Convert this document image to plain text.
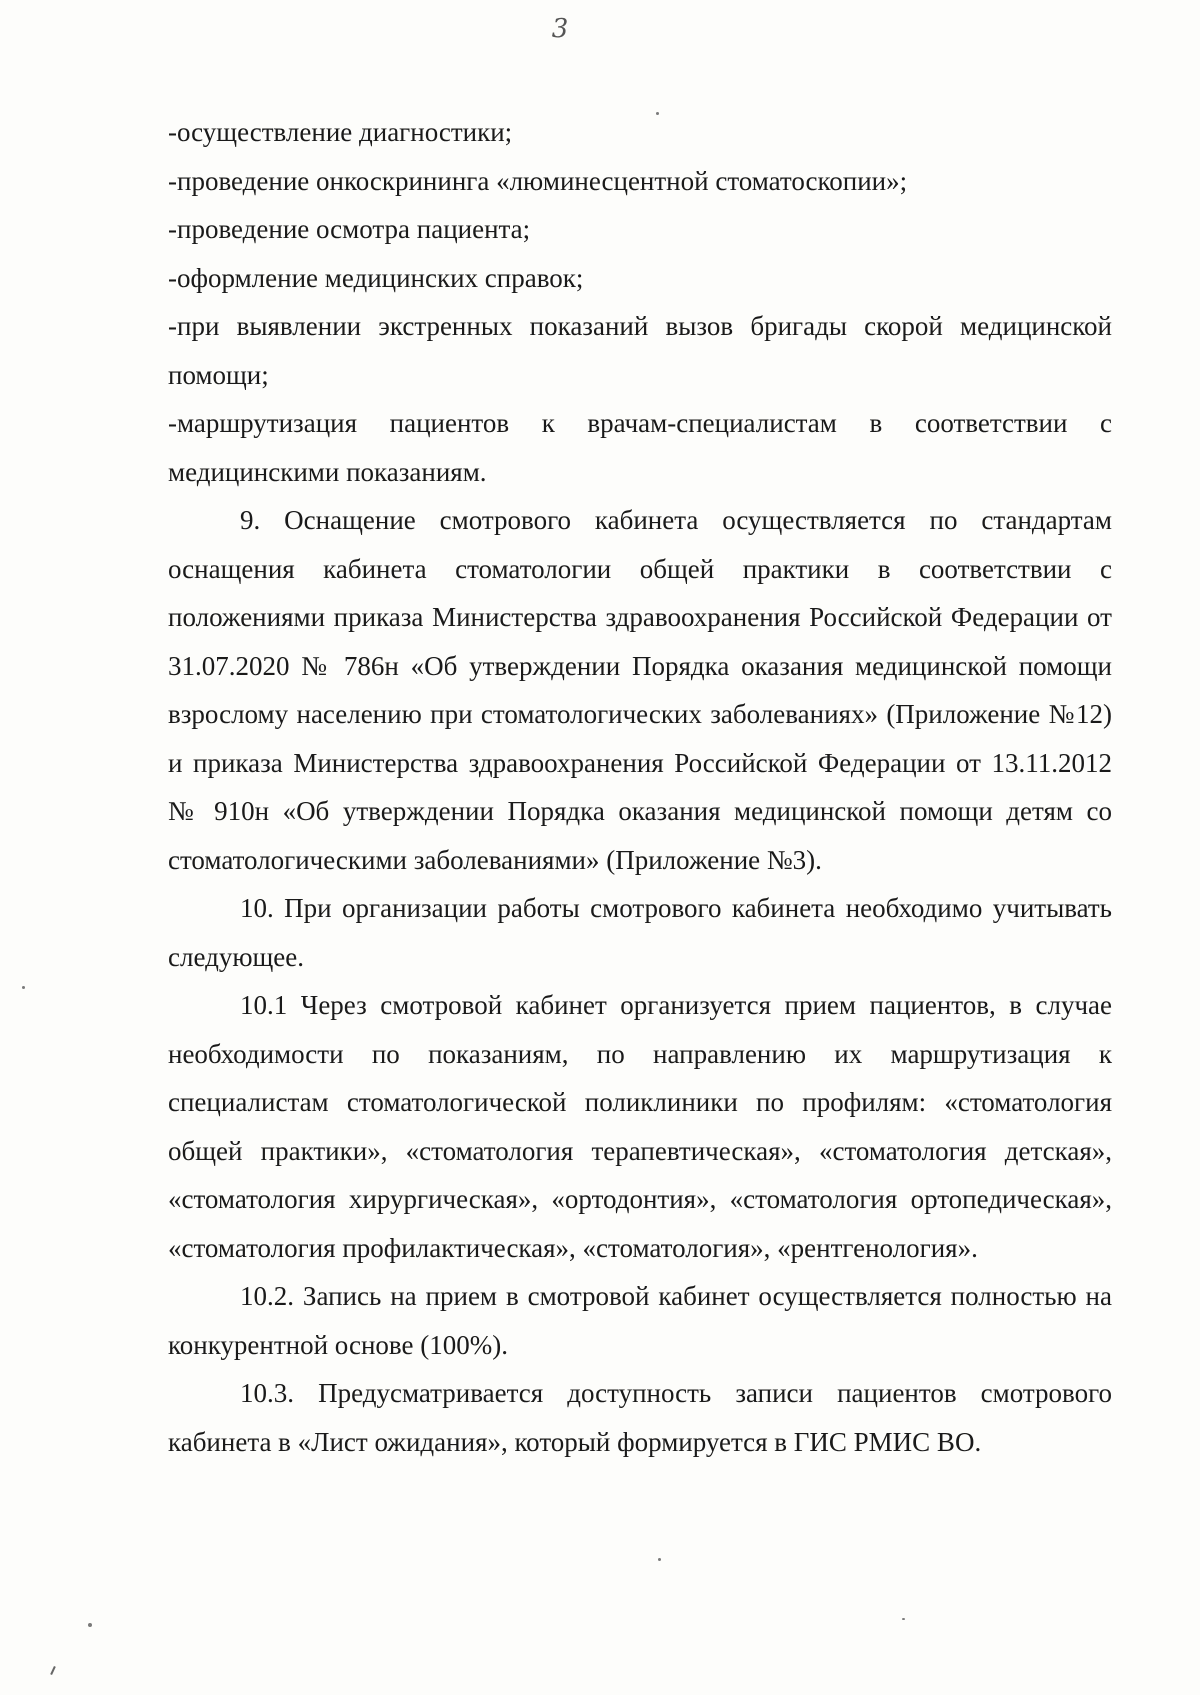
3

-осуществление диагностики;

-проведение онкоскрининга «люминесцентной стоматоскопии»;

-проведение осмотра пациента;

-оформление медицинских справок;

-при выявлении экстренных показаний вызов бригады скорой медицинской помощи;

-маршрутизация пациентов к врачам-специалистам в соответствии с медицинскими показаниям.

9. Оснащение смотрового кабинета осуществляется по стандартам оснащения кабинета стоматологии общей практики в соответствии с положениями приказа Министерства здравоохранения Российской Федерации от 31.07.2020 № 786н «Об утверждении Порядка оказания медицинской помощи взрослому населению при стоматологических заболеваниях» (Приложение №12) и приказа Министерства здравоохранения Российской Федерации от 13.11.2012 № 910н «Об утверждении Порядка оказания медицинской помощи детям со стоматологическими заболеваниями» (Приложение №3).

10. При организации работы смотрового кабинета необходимо учитывать следующее.

10.1 Через смотровой кабинет организуется прием пациентов, в случае необходимости по показаниям, по направлению их маршрутизация к специалистам стоматологической поликлиники по профилям: «стоматология общей практики», «стоматология терапевтическая», «стоматология детская», «стоматология хирургическая», «ортодонтия», «стоматология ортопедическая», «стоматология профилактическая», «стоматология», «рентгенология».

10.2. Запись на прием в смотровой кабинет осуществляется полностью на конкурентной основе (100%).

10.3. Предусматривается доступность записи пациентов смотрового кабинета в «Лист ожидания», который формируется в ГИС РМИС ВО.
